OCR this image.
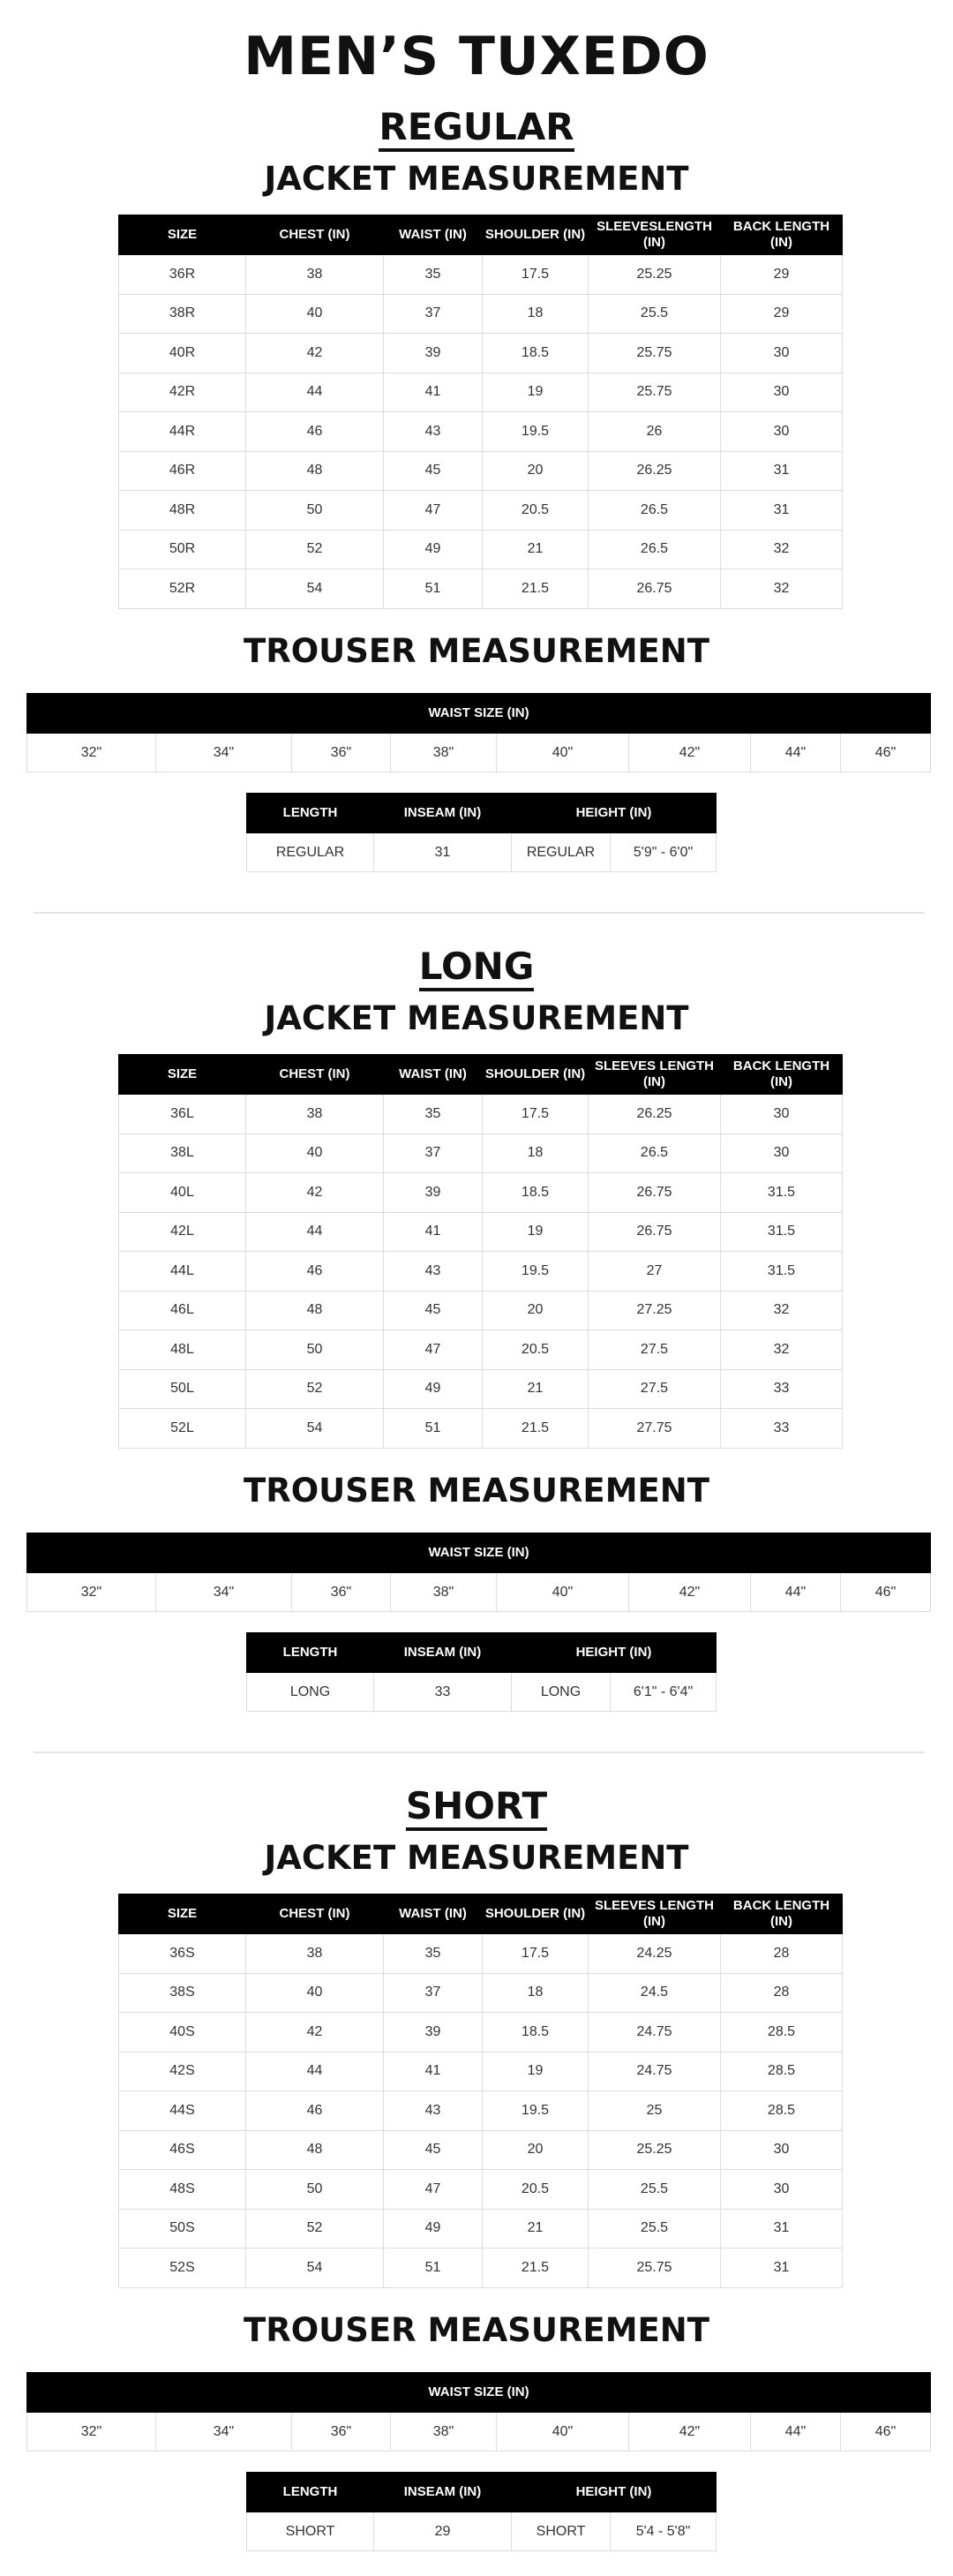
MEN’S TUXEDO
REGULAR
JACKET MEASUREMENT
SIZE	CHEST (IN)	WAIST (IN)	SHOULDER (IN)	SLEEVESLENGTH (IN)	BACK LENGTH (IN)
36R	38	35	17.5	25.25	29
38R	40	37	18	25.5	29
40R	42	39	18.5	25.75	30
42R	44	41	19	25.75	30
44R	46	43	19.5	26	30
46R	48	45	20	26.25	31
48R	50	47	20.5	26.5	31
50R	52	49	21	26.5	32
52R	54	51	21.5	26.75	32
TROUSER MEASUREMENT
WAIST SIZE (IN)
32"	34"	36"	38"	40"	42"	44"	46"
LENGTH	INSEAM (IN)	HEIGHT (IN)	
REGULAR	31	REGULAR	5'9" - 6'0"
LONG
JACKET MEASUREMENT
SIZE	CHEST (IN)	WAIST (IN)	SHOULDER (IN)	SLEEVES LENGTH (IN)	BACK LENGTH (IN)
36L	38	35	17.5	26.25	30
38L	40	37	18	26.5	30
40L	42	39	18.5	26.75	31.5
42L	44	41	19	26.75	31.5
44L	46	43	19.5	27	31.5
46L	48	45	20	27.25	32
48L	50	47	20.5	27.5	32
50L	52	49	21	27.5	33
52L	54	51	21.5	27.75	33
TROUSER MEASUREMENT
WAIST SIZE (IN)
32"	34"	36"	38"	40"	42"	44"	46"
LENGTH	INSEAM (IN)	HEIGHT (IN)	
LONG	33	LONG	6'1" - 6'4"
SHORT
JACKET MEASUREMENT
SIZE	CHEST (IN)	WAIST (IN)	SHOULDER (IN)	SLEEVES LENGTH (IN)	BACK LENGTH (IN)
36S	38	35	17.5	24.25	28
38S	40	37	18	24.5	28
40S	42	39	18.5	24.75	28.5
42S	44	41	19	24.75	28.5
44S	46	43	19.5	25	28.5
46S	48	45	20	25.25	30
48S	50	47	20.5	25.5	30
50S	52	49	21	25.5	31
52S	54	51	21.5	25.75	31
TROUSER MEASUREMENT
WAIST SIZE (IN)
32"	34"	36"	38"	40"	42"	44"	46"
LENGTH	INSEAM (IN)	HEIGHT (IN)	
SHORT	29	SHORT	5'4 - 5'8"
